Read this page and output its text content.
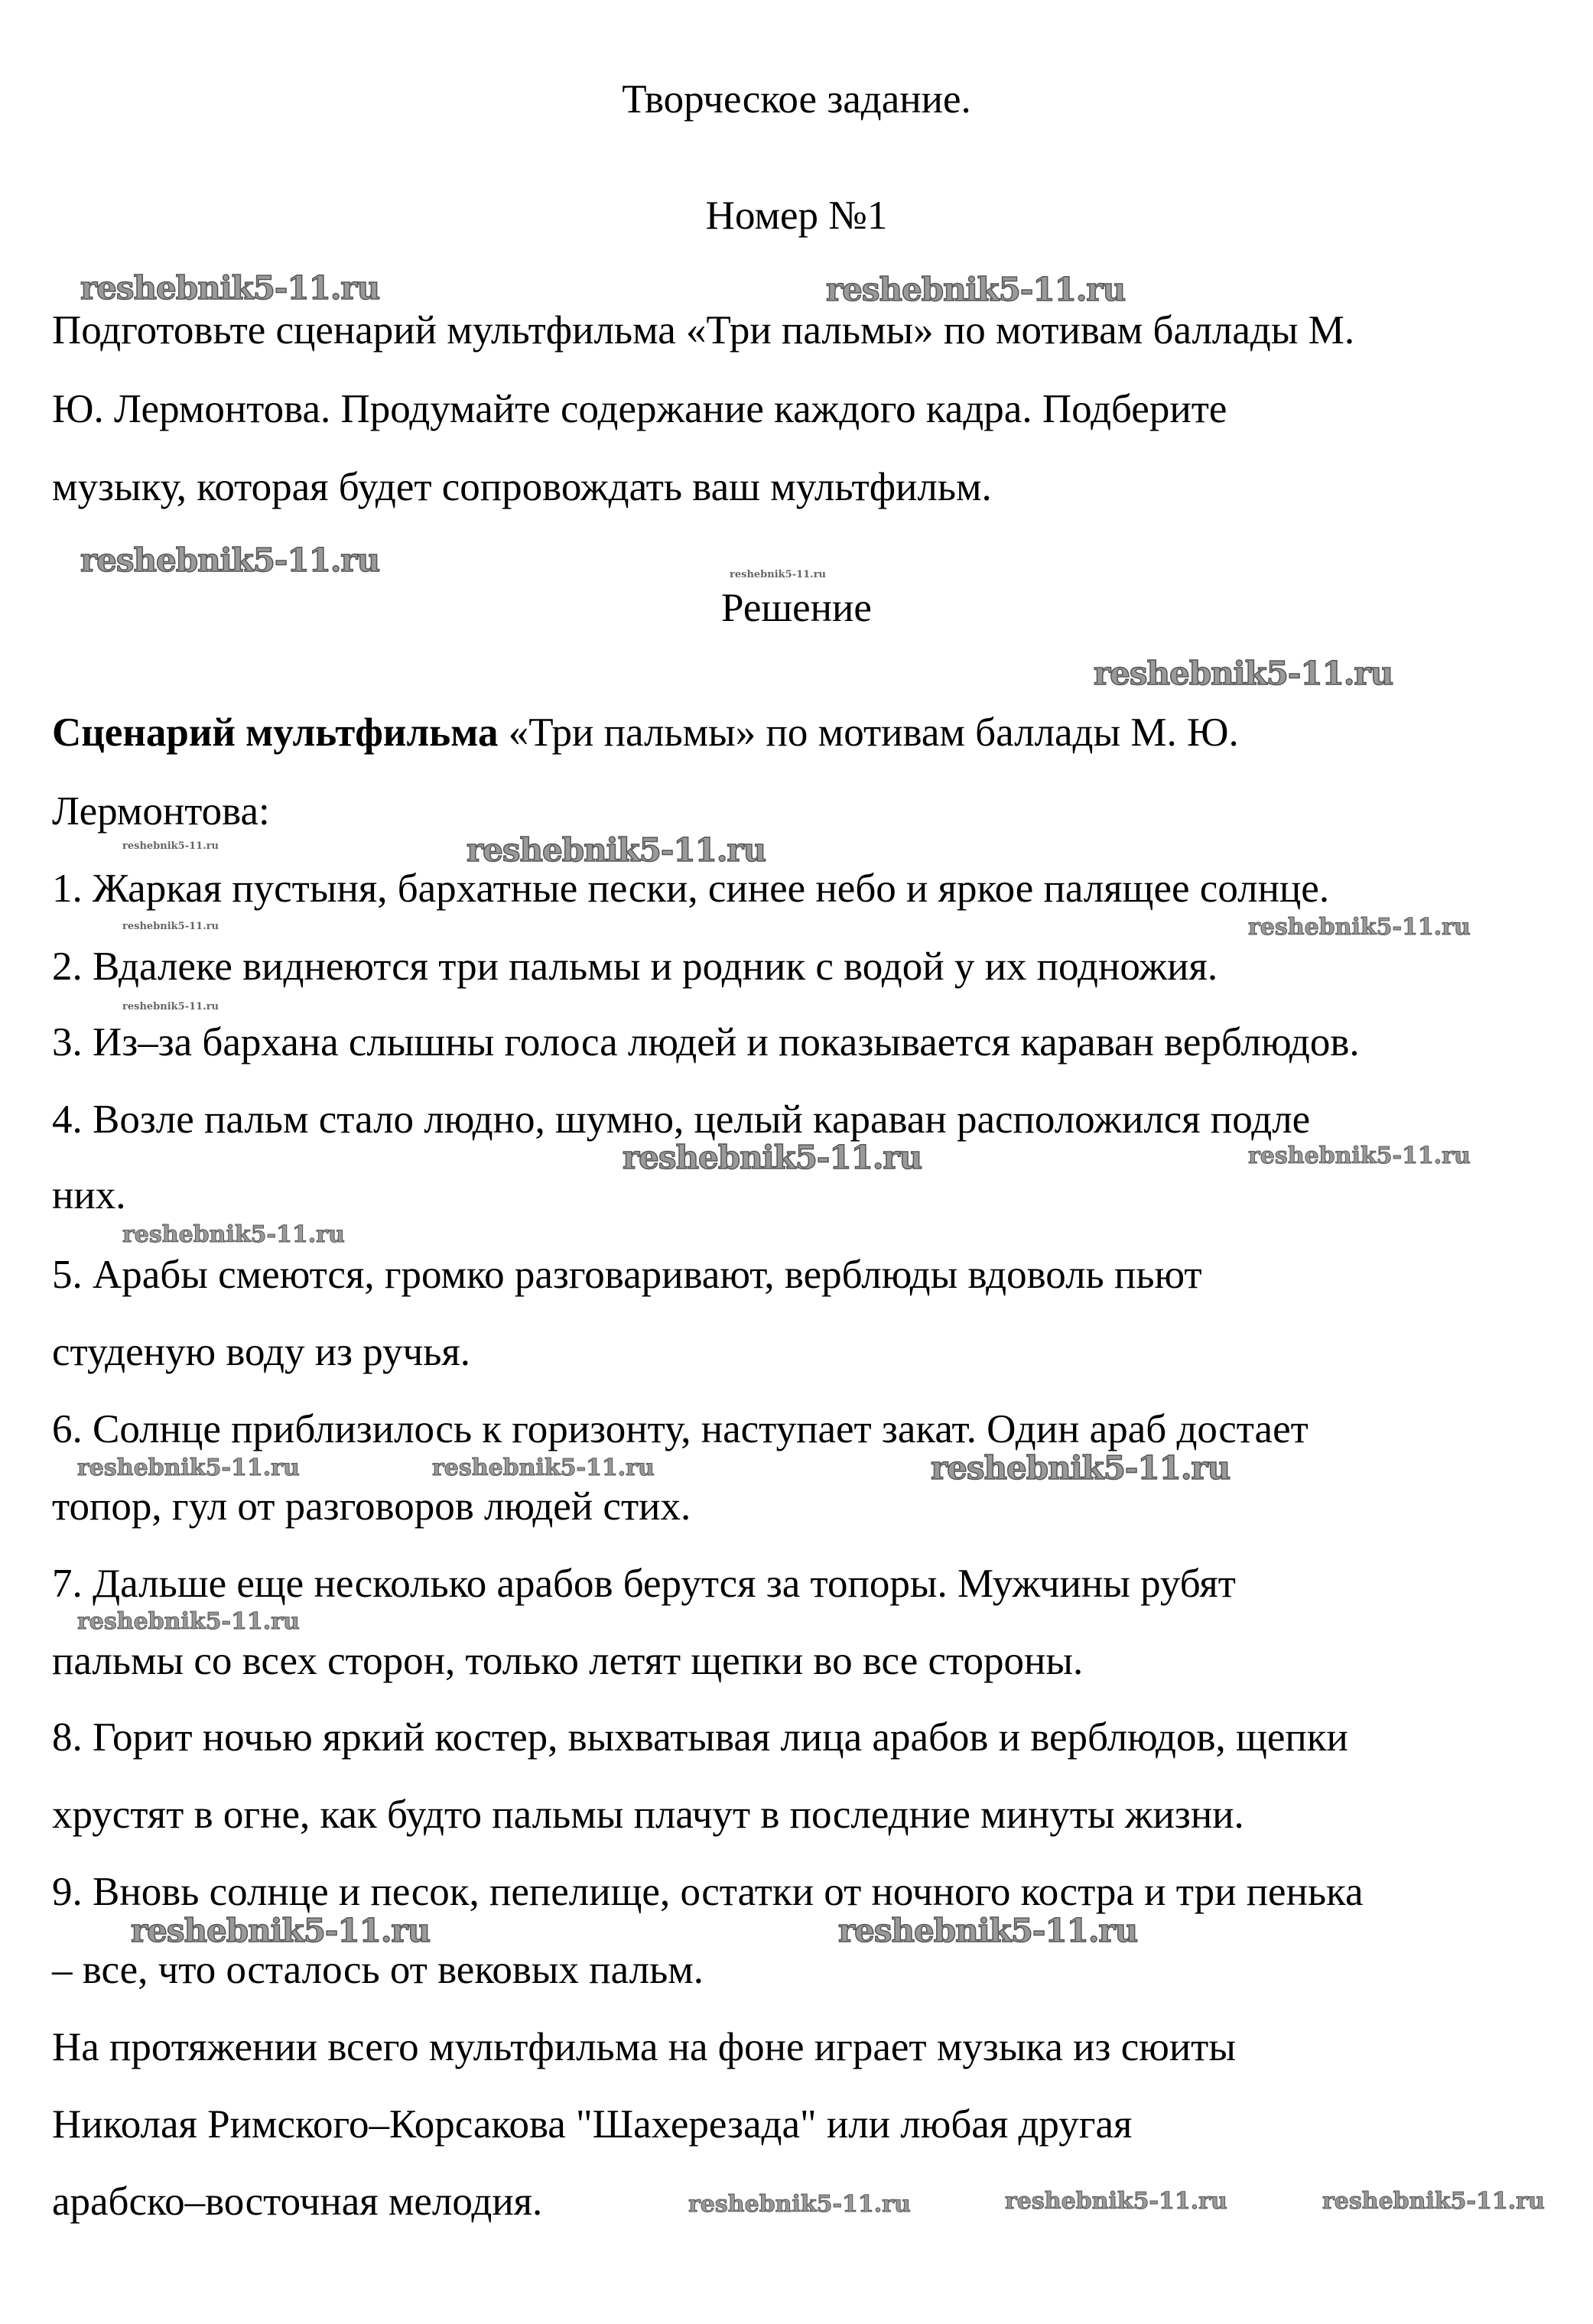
Творческое задание.
Номер №1
Подготовьте сценарий мультфильма «Три пальмы» по мотивам баллады М.
Ю. Лермонтова. Продумайте содержание каждого кадра. Подберите
музыку, которая будет сопровождать ваш мультфильм.
Решение
Сценарий мультфильма «Три пальмы» по мотивам баллады М. Ю.
Лермонтова:
1. Жаркая пустыня, бархатные пески, синее небо и яркое палящее солнце.
2. Вдалеке виднеются три пальмы и родник с водой у их подножия.
3. Из–за бархана слышны голоса людей и показывается караван верблюдов.
4. Возле пальм стало людно, шумно, целый караван расположился подле
них.
5. Арабы смеются, громко разговаривают, верблюды вдоволь пьют
студеную воду из ручья.
6. Солнце приблизилось к горизонту, наступает закат. Один араб достает
топор, гул от разговоров людей стих.
7. Дальше еще несколько арабов берутся за топоры. Мужчины рубят
пальмы со всех сторон, только летят щепки во все стороны.
8. Горит ночью яркий костер, выхватывая лица арабов и верблюдов, щепки
хрустят в огне, как будто пальмы плачут в последние минуты жизни.
9. Вновь солнце и песок, пепелище, остатки от ночного костра и три пенька
– все, что осталось от вековых пальм.
На протяжении всего мультфильма на фоне играет музыка из сюиты
Николая Римского–Корсакова "Шахерезада" или любая другая
арабско–восточная мелодия.
reshebnik5-11.ru	reshebnik5-11.ru
reshebnik5-11.ru
reshebnik5-11.ru
reshebnik5-11.ru
reshebnik5-11.ru
reshebnik5-11.ru
reshebnik5-11.ru	reshebnik5-11.ru
reshebnik5-11.ru
reshebnik5-11.ru
reshebnik5-11.ru
reshebnik5-11.ru
reshebnik5-11.ru
reshebnik5-11.ru
reshebnik5-11.ru	reshebnik5-11.ru	reshebnik5-11.ru
reshebnik5-11.ru
reshebnik5-11.ru
reshebnik5-11.ru
reshebnik5-11.ru
